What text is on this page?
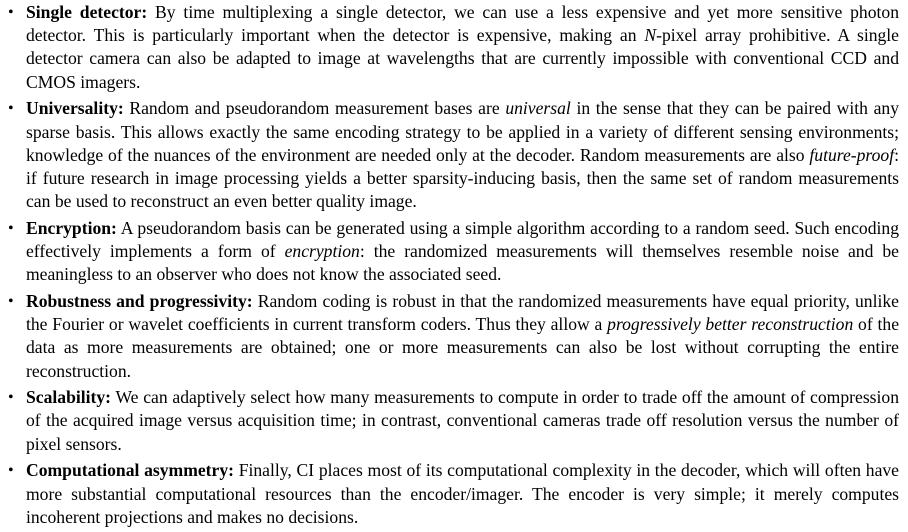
• Single detector: By time multiplexing a single detector, we can use a less expensive and yet more sensitive photon detector. This is particularly important when the detector is expensive, making an N-pixel array prohibitive. A single detector camera can also be adapted to image at wavelengths that are currently impossible with conventional CCD and CMOS imagers.
• Universality: Random and pseudorandom measurement bases are universal in the sense that they can be paired with any sparse basis. This allows exactly the same encoding strategy to be applied in a variety of different sensing environments; knowledge of the nuances of the environment are needed only at the decoder. Random measurements are also future-proof: if future research in image processing yields a better sparsity-inducing basis, then the same set of random measurements can be used to reconstruct an even better quality image.
• Encryption: A pseudorandom basis can be generated using a simple algorithm according to a random seed. Such encoding effectively implements a form of encryption: the randomized measurements will themselves resemble noise and be meaningless to an observer who does not know the associated seed.
• Robustness and progressivity: Random coding is robust in that the randomized measurements have equal priority, unlike the Fourier or wavelet coefficients in current transform coders. Thus they allow a progressively better reconstruction of the data as more measurements are obtained; one or more measurements can also be lost without corrupting the entire reconstruction.
• Scalability: We can adaptively select how many measurements to compute in order to trade off the amount of compression of the acquired image versus acquisition time; in contrast, conventional cameras trade off resolution versus the number of pixel sensors.
• Computational asymmetry: Finally, CI places most of its computational complexity in the decoder, which will often have more substantial computational resources than the encoder/imager. The encoder is very simple; it merely computes incoherent projections and makes no decisions.
